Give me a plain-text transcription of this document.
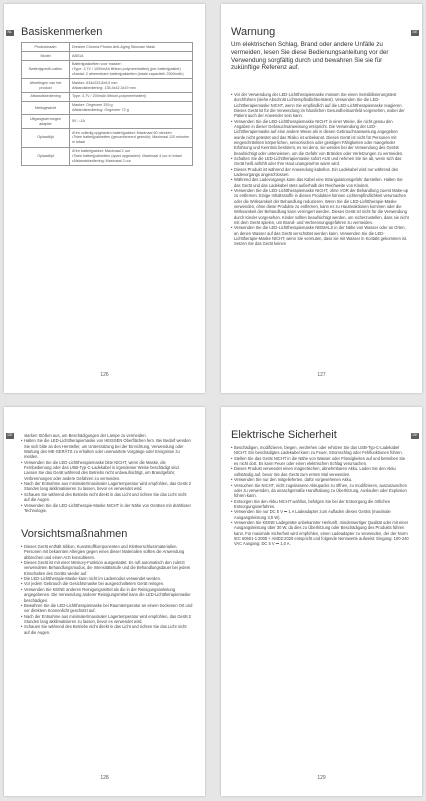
NL Basiskenmerken
Productnaam	Dreame Chroma Photon Anti-Aging Skincare Mask
Model	AB01A
Batterijspecifi-caties	Batterijpakketten voor masker:
•Type: 3,7V / 1000mAh lithium-polymeerbatterij (per batterijpakket)
•Aantal: 2 afneembare batterijpakketten (totale capaciteit: 2000mAh)
Afmetingen van het product	Masker: 634x233,8x5,5 mm
Afstandsbediening: 135,4x42,3x19 mm
Afstandsbediening	Type: 3,7V / 200mAh lithium-polymeerbatterij
Nettogewicht	Masker: Ongeveer 339 g
Afstandsbediening: Ongeveer 72 g
Uitgangsvermogen adapter	5V ⎓1A
Oplaadtijd	•Eén volledig opgeladen batterijpakket: Maximaal 60 minuten
•Twee batterijpakketten (gecombineerd gebruik): Maximaal 120 minuten in totaal
Oplaadtijd	•Eén batterijpakket: Maximaal 2 uur
•Twee batterijpakketten (apart opgeladen): Maximaal 4 uur in totaal
•Afstandsbediening: Maximaal 2 uur
126
DE
Warnung

Um elektrischen Schlag, Brand oder andere Unfälle zu vermeiden, lesen Sie diese Bedienungsanleitung vor der Verwendung sorgfältig durch und bewahren Sie sie für zukünftige Referenz auf.

• Vor der Verwendung der LED-Lichttherapiemaske müssen Sie einen Sensibilisierungstest durchführen (siehe Abschnitt Lichtempfindlichkeitstest). Verwenden Sie die LED-Lichttherapiemaske NICHT, wenn Sie empfindlich auf die LED-Lichttherapiemaske reagieren. Dieses Gerät ist für die Verwendung im häuslichen Gesundheitsumfeld vorgesehen, wobei der Patient auch der Anwender sein kann.
• Verwenden Sie die LED-Lichttherapiemaske NICHT in einer Weise, die nicht genau den Angaben in dieser Gebrauchsanweisung entspricht. Die Verwendung der LED-Lichttherapiemaske auf eine andere Weise als in diesen Gebrauchsanweisung angegeben wurde nicht getestet und das Risiko ist unbekannt. Dieses Gerät ist nicht für Personen mit eingeschränkten körperlichen, sensorischen oder geistigen Fähigkeiten oder mangelnder Erfahrung und Kenntnis bestimmt, es sei denn, sie werden bei der Verwendung des Geräts beaufsichtigt oder unterwiesen, um die Gefahr von Bränden oder Verletzungen zu vermeiden.
• Schalten Sie die LED-Lichttherapiemaske sofort AUS und nehmen Sie sie ab, wenn sich das Gerät heiß anfühlt oder Ihre Haut unangenehm warm wird.
• Dieses Produkt ist während der Anwendung kabellos. Ein Ladekabel wird nur während des Ladevorgangs angeschlossen.
• Während des Ladevorgangs kann das Kabel eine Strangulationsgefahr darstellen. Halten Sie das Gerät und das Ladekabel stets außerhalb der Reichweite von Kindern.
• Verwenden Sie die LED-Lichttherapiemaske NICHT, ohne VOR der Behandlung zuerst Make-up zu entfernen. Einige Inhaltsstoffe in diesen Produkten können Lichtempfindlichkeit verursachen oder die Wirksamkeit der Behandlung reduzieren. Wenn Sie die LED-Lichttherapie-Maske verwenden, ohne diese Produkte zu entfernen, kann es zu Hautreaktionen kommen oder die Wirksamkeit der Behandlung kann verringert werden. Dieses Gerät ist nicht für die Verwendung durch Kinder vorgesehen. Kinder sollten beaufsichtigt werden, um sicherzustellen, dass sie nicht mit dem Gerät spielen, um Brand- und Verbrennungsgefahren zu vermeiden.
• Verwenden Sie die LED-Lichttherapiemaske NIEMALS in der Nähe von Wasser oder an Orten, an denen Wasser auf das Gerät verschüttet werden kann. Verwenden Sie die LED-Lichttherapie-Maske NICHT, wenn Sie vermuten, dass sie mit Wasser in Kontakt gekommen ist. Setzen Sie das Gerät keinen
127
DE	starken Stößen aus, um Beschädigungen der Lampe zu vermeiden.
• Halten Sie die LED-Lichttherapiemaske von HEISSEN Oberflächen fern. Bei Bedarf wenden Sie sich bitte an den Hersteller, um Unterstützung bei der Einrichtung, Verwendung oder Wartung des ME-GERÄTS zu erhalten oder unerwartete Vorgänge oder Ereignisse zu melden.
• Verwenden Sie die LED-Lichttherapiemaske bitte NICHT, wenn die Maske, die Fernbedienung oder das USB-Typ-C-Ladekabel in irgendeiner Weise beschädigt sind. Lassen Sie das Gerät während des Betriebs nicht unbeaufsichtigt, um Brandgefahr, Verbrennungen oder andere Gefahren zu vermeiden.
• Nach der Entnahme aus minimaler/maximaler Lagertemperatur wird empfohlen, das Gerät 2 Stunden lang akklimatisieren zu lassen, bevor es verwendet wird.
• Schauen Sie während des Betriebs nicht direkt in das Licht und richten Sie das Licht nicht auf die Augen.
• Verwenden Sie die LED-Lichttherapie-Maske NICHT in der Nähe von Geräten mit drahtloser Technologie.
Vorsichtsmaßnahmen
• Dieses Gerät enthält Silikon, Kunststoffkomponenten und Klettverschlussmaterialien. Personen mit bekannten Allergien gegen eines dieser Materialien sollten die Anwendung abbrechen und einen Arzt konsultieren.
• Dieses Gerät ist mit einer Memory-Funktion ausgestattet. Es ruft automatisch den zuletzt verwendeten Behandlungsmodus, die Intensitätsstufe und die Behandlungsdauer bei jedem Einschalten des Geräts wieder auf.
• Die LED-Lichttherapie-Maske kann nicht im Lademodus verwendet werden.
• Vor jedem Gebrauch die Gesichtsmaske bei ausgeschaltetem Gerät reinigen.
• Verwenden Sie KEINE anderen Reinigungsmittel als die in der Reinigungsanleitung angegebenen. Die Verwendung anderer Reinigungsmittel kann die LED-Lichttherapiemaske beschädigen.
• Bewahren Sie die LED-Lichttherapiemaske bei Raumtemperatur an einem trockenen Ort und vor direktem Sonnenlicht geschützt auf.
• Nach der Entnahme aus minimaler/maximaler Lagertemperatur wird empfohlen, das Gerät 2 Stunden lang akklimatisieren zu lassen, bevor es verwendet wird.
• Schauen Sie während des Betriebs nicht direkt in das Licht und richten Sie das Licht nicht auf die Augen.
128
DE
Elektrische Sicherheit
• Beschädigen, modifizieren, biegen, verdrehen oder erhitzen Sie das USB-Typ-C-Ladekabel NICHT. Ein beschädigtes Ladekabel kann zu Feuer, Stromschlag oder Fehlfunktionen führen.
• Stellen Sie das Gerät NICHT in die Nähe von Wasser oder Flüssigkeiten auf und betreiben Sie es nicht dort. Es kann Feuer oder einen elektrischen Schlag verursachen.
• Dieses Produkt verwendet einen magnetischen, abnehmbaren Akku. Laden Sie den Akku vollständig auf, bevor Sie das Gerät zum ersten Mal verwenden.
• Verwenden Sie nur den mitgelieferten, dafür vorgesehenen Akku.
• Versuchen Sie NICHT, nicht zugelassene Akkupacks zu öffnen, zu modifizieren, auszutauschen oder zu verwenden, da unsachgemäße Handhabung zu Überhitzung, Auslaufen oder Explosion führen kann.
• Entsorgen Sie den Akku NICHT wahllos, befolgen Sie bei der Entsorgung die örtlichen Entsorgungsverfahren.
• Verwenden Sie nur DC 5 V ⎓ 1 A Ladeadapter zum Aufladen dieses Geräts (maximale Ausgangsleistung 3,5 W).
• Verwenden Sie KEINE Ladegeräte unbekannter Herkunft, minderwertiger Qualität oder mit einer Ausgangsleistung über 30 W, da dies zu Überhitzung oder Beschädigung des Produkts führen kann. Für maximale Sicherheit wird empfohlen, einen Ladeadapter zu verwenden, der der Norm IEC 60601-1:2005 + AMD2:2020 entspricht und folgende Nennwerte aufweist: Eingang: 100-240 VAC Ausgang: DC 5 V ⎓ 1,0 A.
129
